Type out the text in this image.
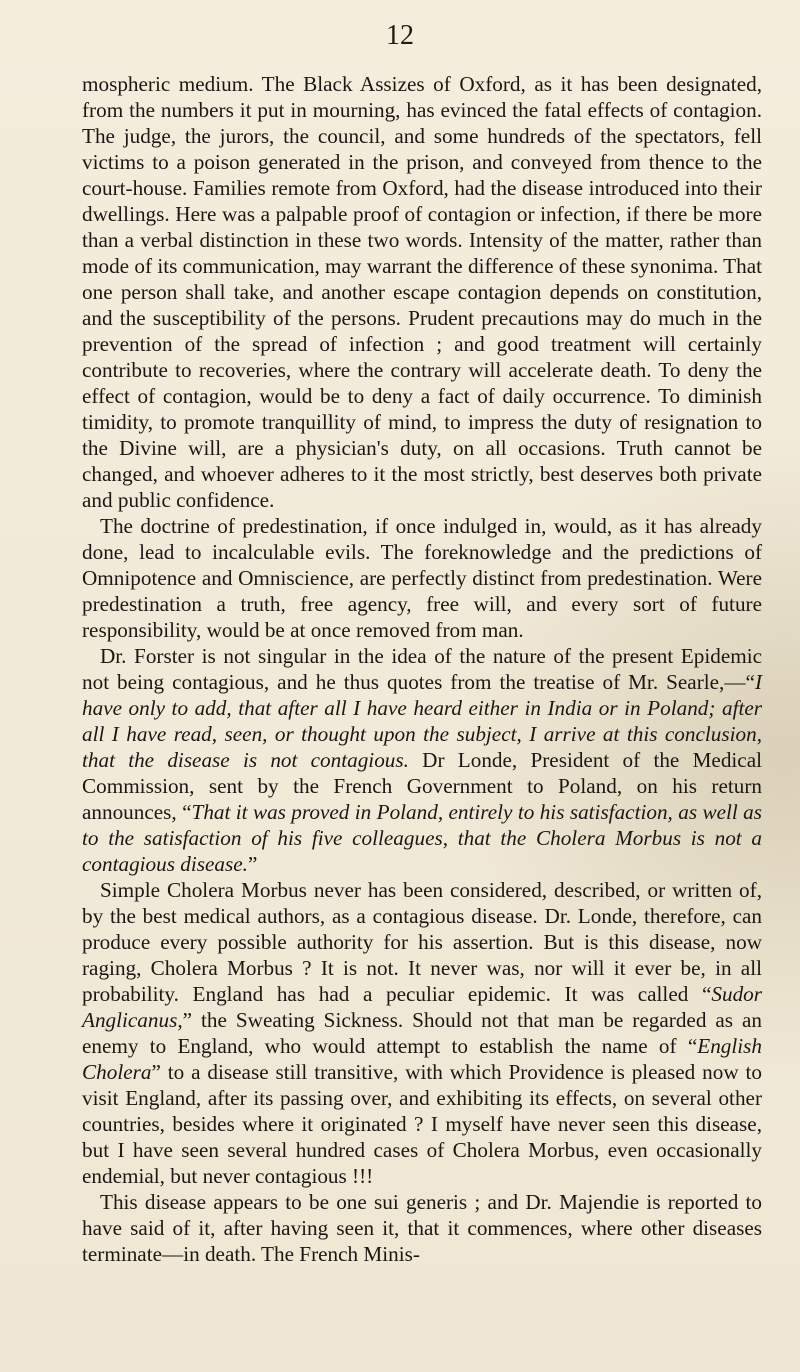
12

mospheric medium. The Black Assizes of Oxford, as it has been designated, from the numbers it put in mourning, has evinced the fatal effects of contagion. The judge, the jurors, the council, and some hundreds of the spectators, fell victims to a poison generated in the prison, and conveyed from thence to the court-house. Families remote from Oxford, had the disease introduced into their dwellings. Here was a palpable proof of contagion or infection, if there be more than a verbal distinction in these two words. Intensity of the matter, rather than mode of its communication, may warrant the difference of these synonima. That one person shall take, and another escape contagion depends on constitution, and the susceptibility of the persons. Prudent precautions may do much in the prevention of the spread of infection ; and good treatment will certainly contribute to recoveries, where the contrary will accelerate death. To deny the effect of contagion, would be to deny a fact of daily occurrence. To diminish timidity, to promote tranquillity of mind, to impress the duty of resignation to the Divine will, are a physician's duty, on all occasions. Truth cannot be changed, and whoever adheres to it the most strictly, best deserves both private and public confidence.

The doctrine of predestination, if once indulged in, would, as it has already done, lead to incalculable evils. The foreknowledge and the predictions of Omnipotence and Omniscience, are perfectly distinct from predestination. Were predestination a truth, free agency, free will, and every sort of future responsibility, would be at once removed from man.

Dr. Forster is not singular in the idea of the nature of the present Epidemic not being contagious, and he thus quotes from the treatise of Mr. Searle,—“I have only to add, that after all I have heard either in India or in Poland; after all I have read, seen, or thought upon the subject, I arrive at this conclusion, that the disease is not contagious. Dr Londe, President of the Medical Commission, sent by the French Government to Poland, on his return announces, “That it was proved in Poland, entirely to his satisfaction, as well as to the satisfaction of his five colleagues, that the Cholera Morbus is not a contagious disease.”

Simple Cholera Morbus never has been considered, described, or written of, by the best medical authors, as a contagious disease. Dr. Londe, therefore, can produce every possible authority for his assertion. But is this disease, now raging, Cholera Morbus ? It is not. It never was, nor will it ever be, in all probability. England has had a peculiar epidemic. It was called “Sudor Anglicanus,” the Sweating Sickness. Should not that man be regarded as an enemy to England, who would attempt to establish the name of “English Cholera” to a disease still transitive, with which Providence is pleased now to visit England, after its passing over, and exhibiting its effects, on several other countries, besides where it originated ? I myself have never seen this disease, but I have seen several hundred cases of Cholera Morbus, even occasionally endemial, but never contagious !!!

This disease appears to be one sui generis ; and Dr. Majendie is reported to have said of it, after having seen it, that it commences, where other diseases terminate—in death. The French Minis-
